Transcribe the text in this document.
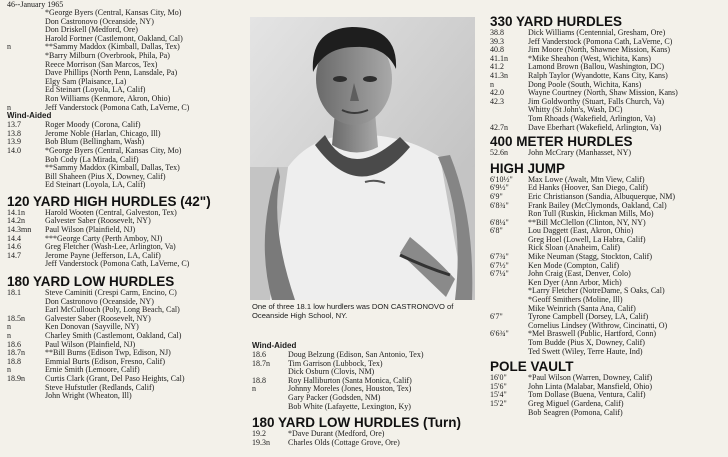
46--January 1965
*George Byers (Central, Kansas City, Mo)
Don Castronovo (Oceanside, NY)
Don Driskell (Medford, Ore)
Harold Fortner (Castlemont, Oakland, Cal)
n	**Sammy Maddox (Kimball, Dallas, Tex)
*Barry Milburn (Overbrook, Phila, Pa)
Reece Morrison (San Marcos, Tex)
Dave Phillips (North Penn, Lansdale, Pa)
Elgy Sam (Plaisance, La)
Ed Steinart (Loyola, LA, Calif)
Ron Williams (Kenmore, Akron, Ohio)
n	Jeff Vanderstock (Pomona Cath, LaVerne, C)
Wind-Aided
13.7	Roger Moody (Corona, Calif)
13.8	Jerome Noble (Harlan, Chicago, Ill)
13.9	Bob Blum (Bellingham, Wash)
14.0	*George Byers (Central, Kansas City, Mo)
Bob Cody (La Mirada, Calif)
**Sammy Maddox (Kimball, Dallas, Tex)
Bill Shaheen (Pius X, Downey, Calif)
Ed Steinart (Loyola, LA, Calif)
120 YARD HIGH HURDLES (42")
14.1n	Harold Wooten (Central, Galveston, Tex)
14.2n	Galvester Saber (Roosevelt, NY)
14.3mn Paul Wilson (Plainfield, NJ)
14.4	***George Carty (Perth Amboy, NJ)
14.6	Greg Fletcher (Wash-Lee, Arlington, Va)
14.7	Jerome Payne (Jefferson, LA, Calif)
Jeff Vanderstock (Pomona Cath, LaVerne, C)
180 YARD LOW HURDLES
18.1	Steve Caminiti (Crespi Carm, Encino, C)
Don Castronovo (Oceanside, NY)
Earl McCullouch (Poly, Long Beach, Cal)
18.5n	Galvester Saber (Roosevelt, NY)
n	Ken Donovan (Sayville, NY)
n	Charley Smith (Castlemont, Oakland, Cal)
18.6	Paul Wilson (Plainfield, NJ)
18.7n	**Bill Burns (Edison Twp, Edison, NJ)
18.8	Emmial Burts (Edison, Fresno, Calif)
n	Ernie Smith (Lemoore, Calif)
18.9n	Curtis Clark (Grant, Del Paso Heights, Cal)
Steve Hufstutler (Redlands, Calif)
John Wright (Wheaton, Ill)
One of three 18.1 low hurdlers was DON CASTRONOVO of Oceanside High School, NY.
Wind-Aided
18.6	Doug Belzung (Edison, San Antonio, Tex)
18.7n Tim Garrison (Lubbock, Tex)
Dick Osburn (Clovis, NM)
18.8	Roy Halliburton (Santa Monica, Calif)
n	Johnny Moreles (Jones, Houston, Tex)
Gary Packer (Godsden, NM)
Bob White (Lafayette, Lexington, Ky)
180 YARD LOW HURDLES (Turn)
19.2	*Dave Durant (Medford, Ore)
19.3n Charles Olds (Cottage Grove, Ore)
330 YARD HURDLES
38.8	Dick Williams (Centennial, Gresham, Ore)
39.3	Jeff Vanderstock (Pomona Cath, LaVerne, C)
40.8	Jim Moore (North, Shawnee Mission, Kans)
41.1n	*Mike Sheahon (West, Wichita, Kans)
41.2	Lamond Brown (Ballou, Washington, DC)
41.3n	Ralph Taylor (Wyandotte, Kans City, Kans)
n	Dong Poole (South, Wichita, Kans)
42.0	Wayne Courtney (North, Shaw Mission, Kans)
42.3	Jim Goldworthy (Stuart, Falls Church, Va)
Whitty (St John's, Wash, DC)
Tom Rhoads (Wakefield, Arlington, Va)
42.7n	Dave Eberhart (Wakefield, Arlington, Va)
400 METER HURDLES
52.6n	John McCrary (Manhasset, NY)
HIGH JUMP
6'10½" Max Lowe (Awalt, Mtn View, Calif)
6'9½" Ed Hanks (Hoover, San Diego, Calif)
6'9"	Eric Christianson (Sandia, Albuquerque, NM)
6'8¾" Frank Bailey (McClymonds, Oakland, Cal)
Ron Tull (Ruskin, Hickman Mills, Mo)
6'8¼" **Bill McClellon (Clinton, NY, NY)
6'8"	Lou Daggett (East, Akron, Ohio)
Greg Hoel (Lowell, La Habra, Calif)
Rick Sloan (Anaheim, Calif)
6'7¾" Mike Neuman (Stagg, Stockton, Calif)
6'7½" Ken Mode (Compton, Calif)
6'7¼" John Craig (East, Denver, Colo)
Ken Dyer (Ann Arbor, Mich)
*Larry Fletcher (NotreDame, S Oaks, Cal)
*Geoff Smithers (Moline, Ill)
Mike Weinrich (Santa Ana, Calif)
6'7"	Tyrone Campbell (Dorsey, LA, Calif)
Cornelius Lindsey (Withrow, Cincinatti, O)
6'6¾" *Mel Braswell (Public, Hartford, Conn)
Tom Budde (Pius X, Downey, Calif)
Ted Swett (Wiley, Terre Haute, Ind)
POLE VAULT
16'0"	*Paul Wilson (Warren, Downey, Calif)
15'6"	John Linta (Malabar, Mansfield, Ohio)
15'4"	Tom Dollase (Buena, Ventura, Calif)
15'2"	Greg Miguel (Gardena, Calif)
Bob Seagren (Pomona, Calif)
